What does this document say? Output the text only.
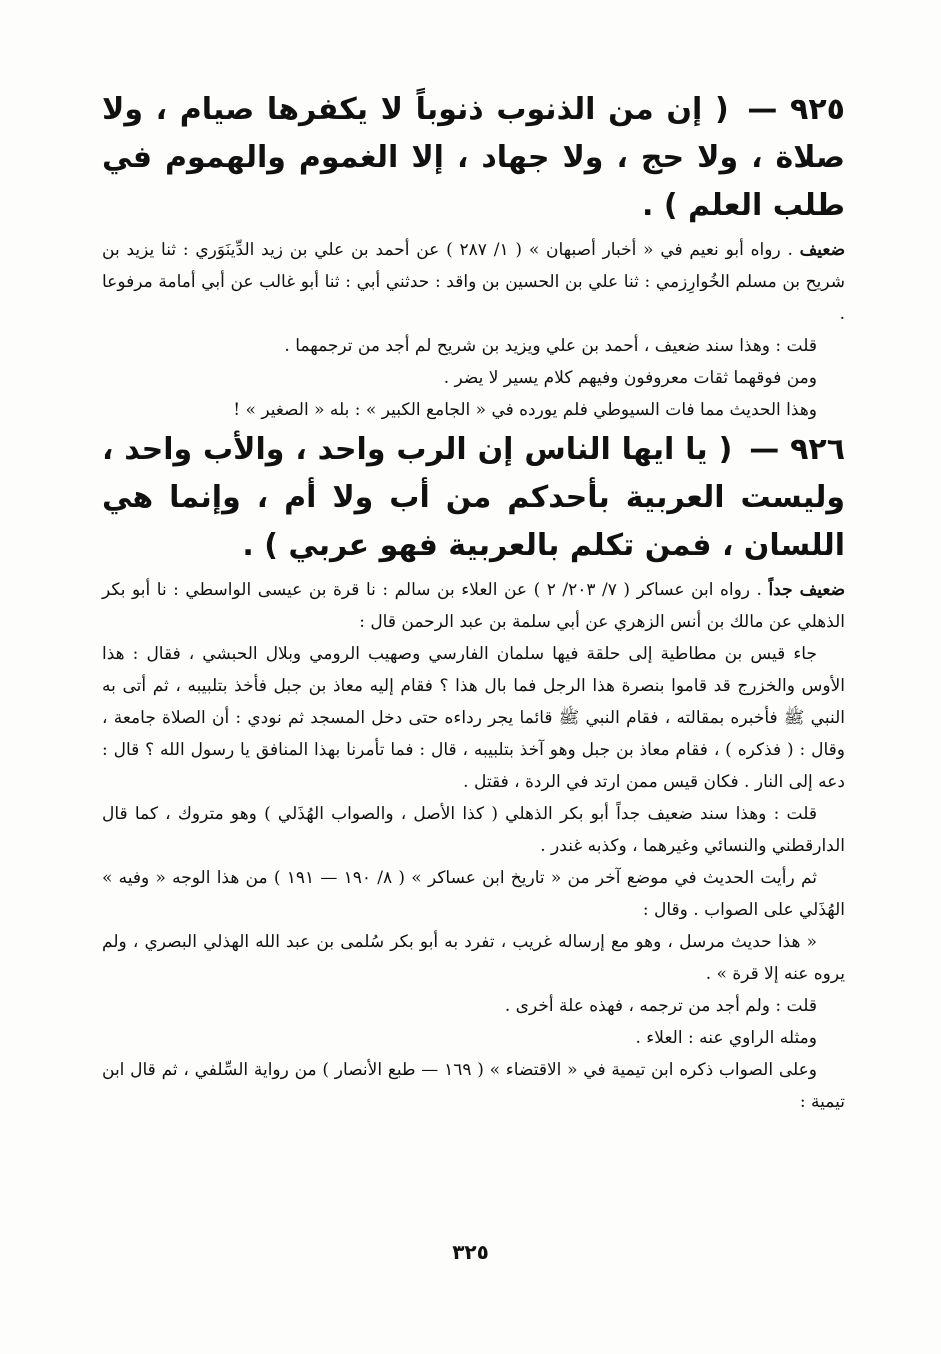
٩٢٥ — ( إن من الذنوب ذنوباً لا يكفرها صيام ، ولا صلاة ، ولا حج ، ولا جهاد ، إلا الغموم والهموم في طلب العلم ) .

ضعيف . رواه أبو نعيم في « أخبار أصبهان » ( ١/ ٢٨٧ ) عن أحمد بن علي بن زيد الدِّينَوَري : ثنا يزيد بن شريح بن مسلم الخُوارِزمي : ثنا علي بن الحسين بن واقد : حدثني أبي : ثنا أبو غالب عن أبي أمامة مرفوعا .

قلت : وهذا سند ضعيف ، أحمد بن علي ويزيد بن شريح لم أجد من ترجمهما .

ومن فوقهما ثقات معروفون وفيهم كلام يسير لا يضر .

وهذا الحديث مما فات السيوطي فلم يورده في « الجامع الكبير » : بله « الصغير » !

٩٢٦ — ( يا ايها الناس إن الرب واحد ، والأب واحد ، وليست العربية بأحدكم من أب ولا أم ، وإنما هي اللسان ، فمن تكلم بالعربية فهو عربي ) .

ضعيف جداً . رواه ابن عساكر ( ٧/ ٢٠٣/ ٢ ) عن العلاء بن سالم : نا قرة بن عيسى الواسطي : نا أبو بكر الذهلي عن مالك بن أنس الزهري عن أبي سلمة بن عبد الرحمن قال :

جاء قيس بن مطاطية إلى حلقة فيها سلمان الفارسي وصهيب الرومي وبلال الحبشي ، فقال : هذا الأوس والخزرج قد قاموا بنصرة هذا الرجل فما بال هذا ؟ فقام إليه معاذ بن جبل فأخذ بتلبيبه ، ثم أتى به النبي ﷺ فأخبره بمقالته ، فقام النبي ﷺ قائما يجر رداءه حتى دخل المسجد ثم نودي : أن الصلاة جامعة ، وقال : ( فذكره ) ، فقام معاذ بن جبل وهو آخذ بتلبيبه ، قال : فما تأمرنا بهذا المنافق يا رسول الله ؟ قال : دعه إلى النار . فكان قيس ممن ارتد في الردة ، فقتل .

قلت : وهذا سند ضعيف جداً أبو بكر الذهلي ( كذا الأصل ، والصواب الهُذَلي ) وهو متروك ، كما قال الدارقطني والنسائي وغيرهما ، وكذبه غندر .

ثم رأيت الحديث في موضع آخر من « تاريخ ابن عساكر » ( ٨/ ١٩٠ — ١٩١ ) من هذا الوجه « وفيه » الهُذَلي على الصواب . وقال :

« هذا حديث مرسل ، وهو مع إرساله غريب ، تفرد به أبو بكر سُلمى بن عبد الله الهذلي البصري ، ولم يروه عنه إلا قرة » .

قلت : ولم أجد من ترجمه ، فهذه علة أخرى .

ومثله الراوي عنه : العلاء .

وعلى الصواب ذكره ابن تيمية في « الاقتضاء » ( ١٦٩ — طبع الأنصار ) من رواية السِّلفي ، ثم قال ابن تيمية :

٣٢٥
